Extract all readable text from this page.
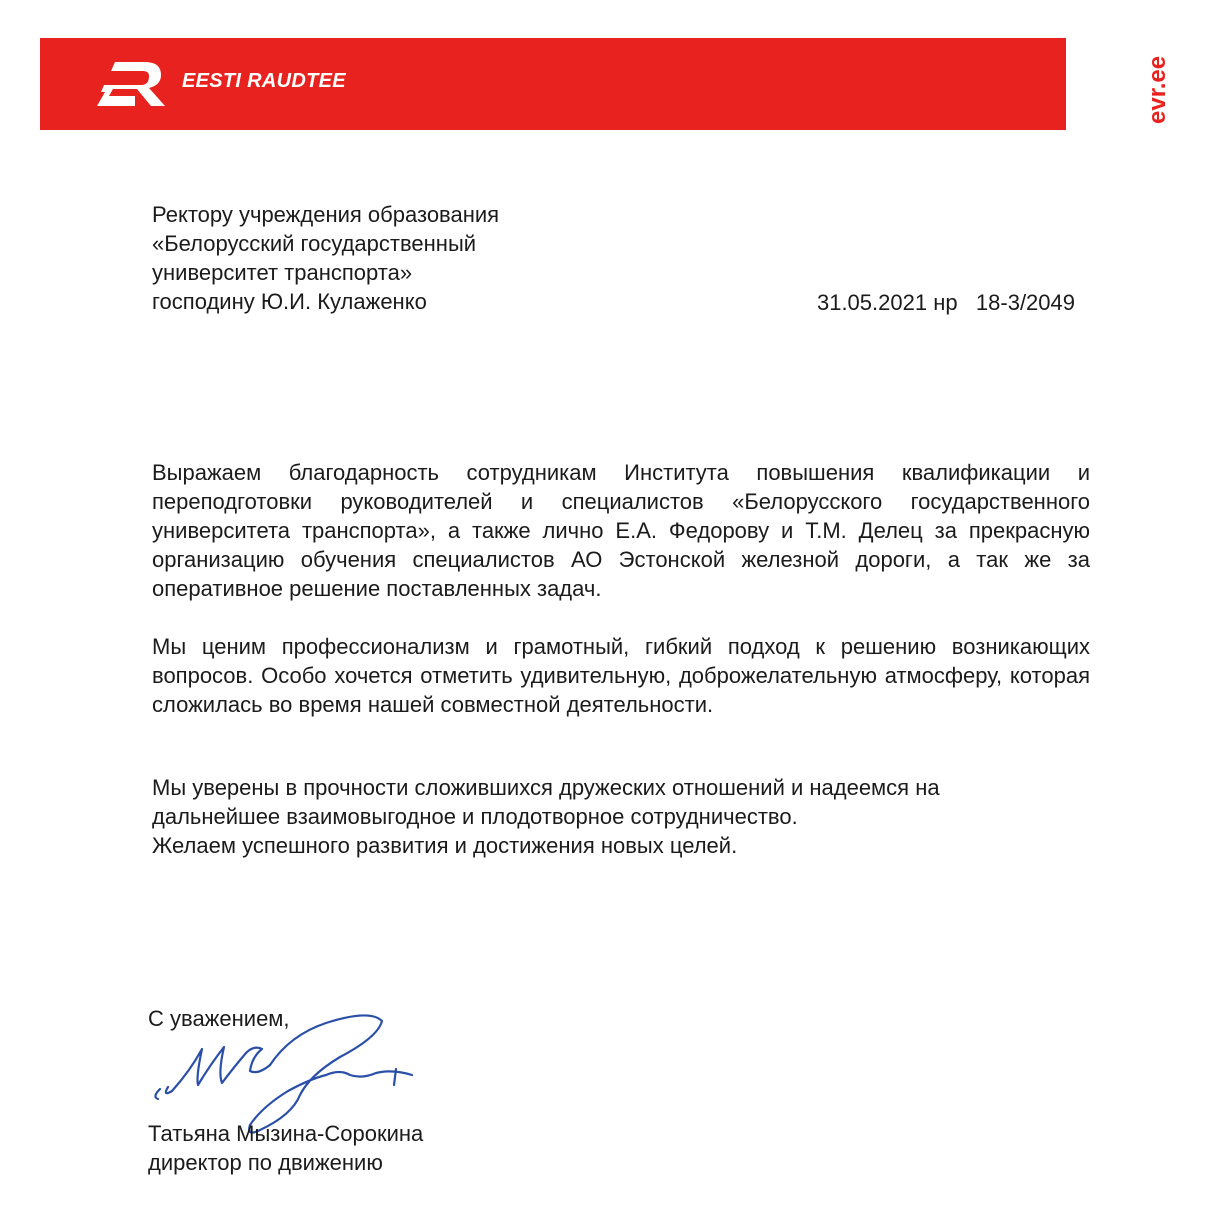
EESTI RAUDTEE	evr.ee
Ректору учреждения образования
«Белорусский государственный
университет транспорта»
господину Ю.И. Кулаженко	31.05.2021 нр   18-3/2049
Выражаем благодарность сотрудникам Института повышения квалификации и переподготовки руководителей и специалистов «Белорусского государственного университета транспорта», а также лично Е.А. Федорову и Т.М. Делец за прекрасную организацию обучения специалистов АО Эстонской железной дороги, а так же за оперативное решение поставленных задач.
Мы ценим профессионализм и грамотный, гибкий подход к решению возникающих вопросов. Особо хочется отметить удивительную, доброжелательную атмосферу, которая сложилась во время нашей совместной деятельности.
Мы уверены в прочности сложившихся дружеских отношений и надеемся на
дальнейшее взаимовыгодное и плодотворное сотрудничество.
Желаем успешного развития и достижения новых целей.
С уважением,
Татьяна Мызина-Сорокина
директор по движению
